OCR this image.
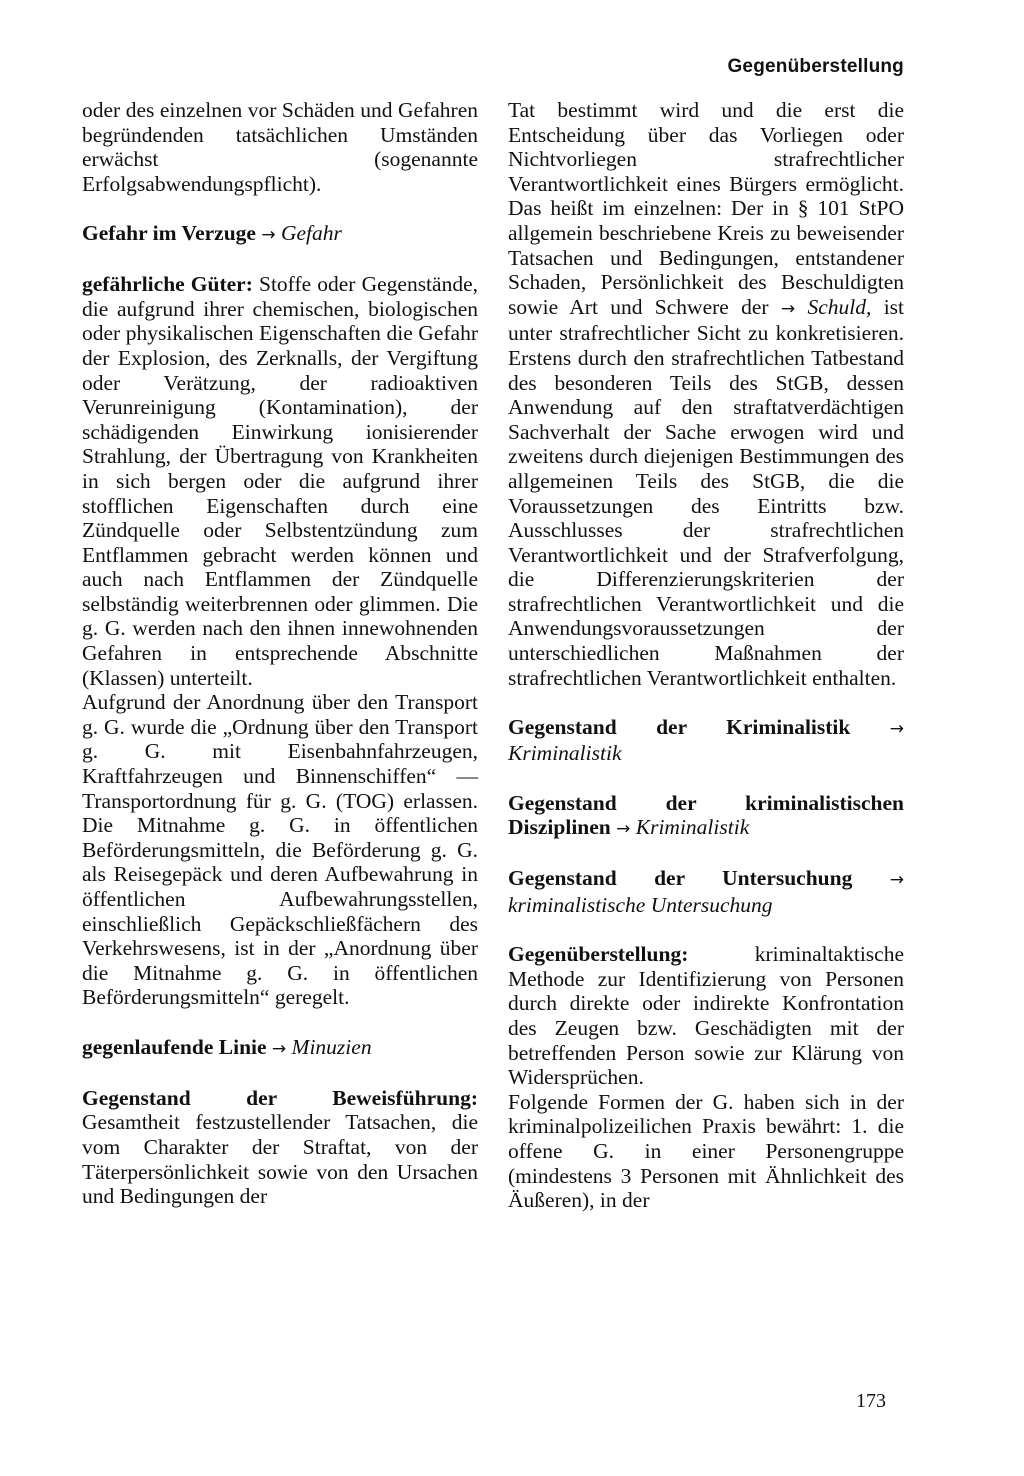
Gegenüberstellung

oder des einzelnen vor Schäden und Gefahren begründenden tatsächlichen Umständen erwächst (sogenannte Erfolgsabwendungspflicht).

Gefahr im Verzuge → Gefahr

gefährliche Güter: Stoffe oder Gegenstände, die aufgrund ihrer chemischen, biologischen oder physikalischen Eigenschaften die Gefahr der Explosion, des Zerknalls, der Vergiftung oder Verätzung, der radioaktiven Verunreinigung (Kontamination), der schädigenden Einwirkung ionisierender Strahlung, der Übertragung von Krankheiten in sich bergen oder die aufgrund ihrer stofflichen Eigenschaften durch eine Zündquelle oder Selbstentzündung zum Entflammen gebracht werden können und auch nach Entflammen der Zündquelle selbständig weiterbrennen oder glimmen. Die g. G. werden nach den ihnen innewohnenden Gefahren in entsprechende Abschnitte (Klassen) unterteilt.

Aufgrund der Anordnung über den Transport g. G. wurde die „Ordnung über den Transport g. G. mit Eisenbahnfahrzeugen, Kraftfahrzeugen und Binnenschiffen“ — Transportordnung für g. G. (TOG) erlassen. Die Mitnahme g. G. in öffentlichen Beförderungsmitteln, die Beförderung g. G. als Reisegepäck und deren Aufbewahrung in öffentlichen Aufbewahrungsstellen, einschließlich Gepäckschließfächern des Verkehrswesens, ist in der „Anordnung über die Mitnahme g. G. in öffentlichen Beförderungsmitteln“ geregelt.

gegenlaufende Linie → Minuzien

Gegenstand der Beweisführung: Gesamtheit festzustellender Tatsachen, die vom Charakter der Straftat, von der Täterpersönlichkeit sowie von den Ursachen und Bedingungen der

Tat bestimmt wird und die erst die Entscheidung über das Vorliegen oder Nichtvorliegen strafrechtlicher Verantwortlichkeit eines Bürgers ermöglicht. Das heißt im einzelnen: Der in § 101 StPO allgemein beschriebene Kreis zu beweisender Tatsachen und Bedingungen, entstandener Schaden, Persönlichkeit des Beschuldigten sowie Art und Schwere der → Schuld, ist unter strafrechtlicher Sicht zu konkretisieren. Erstens durch den strafrechtlichen Tatbestand des besonderen Teils des StGB, dessen Anwendung auf den straftatverdächtigen Sachverhalt der Sache erwogen wird und zweitens durch diejenigen Bestimmungen des allgemeinen Teils des StGB, die die Voraussetzungen des Eintritts bzw. Ausschlusses der strafrechtlichen Verantwortlichkeit und der Strafverfolgung, die Differenzierungskriterien der strafrechtlichen Verantwortlichkeit und die Anwendungsvoraussetzungen der unterschiedlichen Maßnahmen der strafrechtlichen Verantwortlichkeit enthalten.

Gegenstand der Kriminalistik → Kriminalistik

Gegenstand der kriminalistischen Disziplinen → Kriminalistik

Gegenstand der Untersuchung → kriminalistische Untersuchung

Gegenüberstellung:	kriminaltaktische Methode zur Identifizierung von Personen durch direkte oder indirekte Konfrontation des Zeugen bzw. Geschädigten mit der betreffenden Person sowie zur Klärung von Widersprüchen.

Folgende Formen der G. haben sich in der kriminalpolizeilichen Praxis bewährt: 1. die offene G. in einer Personengruppe (mindestens 3 Personen mit Ähnlichkeit des Äußeren), in der

173
